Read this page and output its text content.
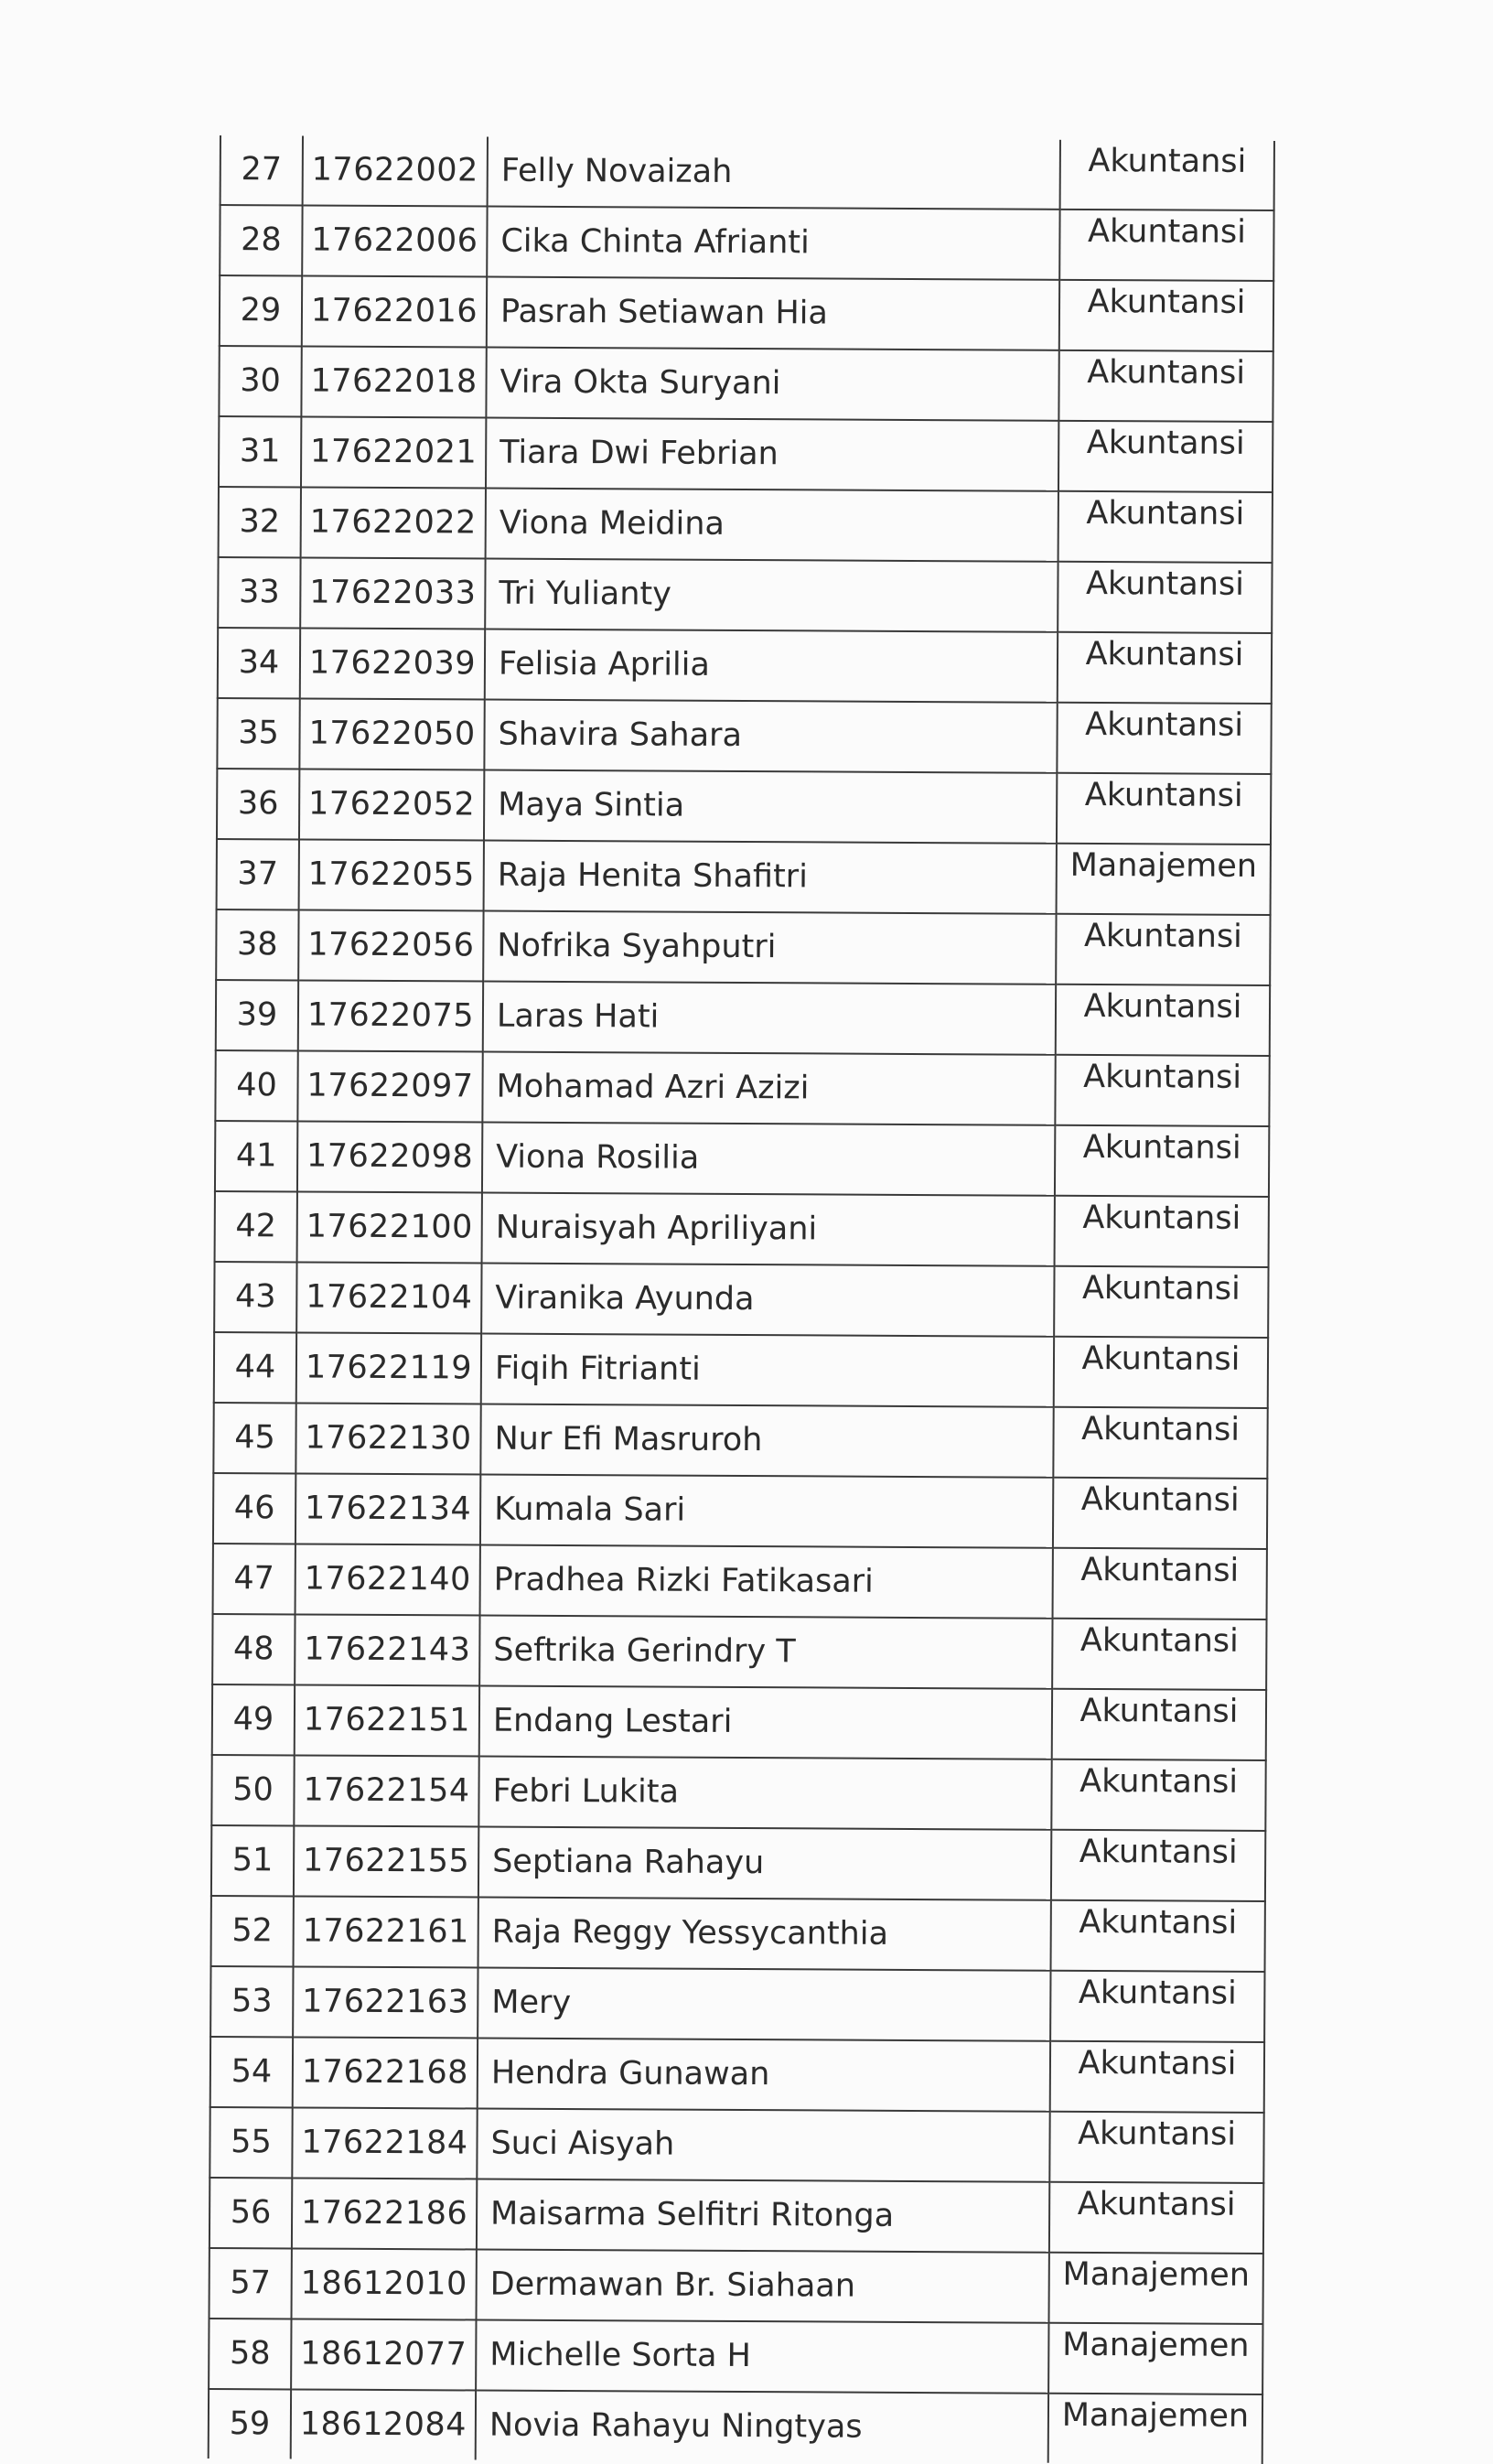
27	17622002	Felly Novaizah	Akuntansi
28	17622006	Cika Chinta Afrianti	Akuntansi
29	17622016	Pasrah Setiawan Hia	Akuntansi
30	17622018	Vira Okta Suryani	Akuntansi
31	17622021	Tiara Dwi Febrian	Akuntansi
32	17622022	Viona Meidina	Akuntansi
33	17622033	Tri Yulianty	Akuntansi
34	17622039	Felisia Aprilia	Akuntansi
35	17622050	Shavira Sahara	Akuntansi
36	17622052	Maya Sintia	Akuntansi
37	17622055	Raja Henita Shafitri	Manajemen
38	17622056	Nofrika Syahputri	Akuntansi
39	17622075	Laras Hati	Akuntansi
40	17622097	Mohamad Azri Azizi	Akuntansi
41	17622098	Viona Rosilia	Akuntansi
42	17622100	Nuraisyah Apriliyani	Akuntansi
43	17622104	Viranika Ayunda	Akuntansi
44	17622119	Fiqih Fitrianti	Akuntansi
45	17622130	Nur Efi Masruroh	Akuntansi
46	17622134	Kumala Sari	Akuntansi
47	17622140	Pradhea Rizki Fatikasari	Akuntansi
48	17622143	Seftrika Gerindry T	Akuntansi
49	17622151	Endang Lestari	Akuntansi
50	17622154	Febri Lukita	Akuntansi
51	17622155	Septiana Rahayu	Akuntansi
52	17622161	Raja Reggy Yessycanthia	Akuntansi
53	17622163	Mery	Akuntansi
54	17622168	Hendra Gunawan	Akuntansi
55	17622184	Suci Aisyah	Akuntansi
56	17622186	Maisarma Selfitri Ritonga	Akuntansi
57	18612010	Dermawan Br. Siahaan	Manajemen
58	18612077	Michelle Sorta H	Manajemen
59	18612084	Novia Rahayu Ningtyas	Manajemen
